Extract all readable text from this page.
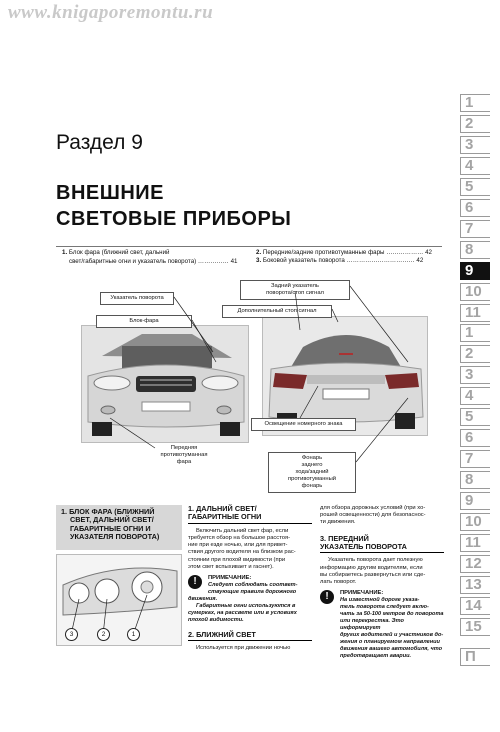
www.knigaporemontu.ru
Раздел 9
ВНЕШНИЕ
СВЕТОВЫЕ ПРИБОРЫ
1. Блок фара (ближний свет, дальний
свет/габаритные огни и указатель поворота) …………… 41
2. Передние/задние противотуманные фары ……………… 42
3. Боковой указатель поворота …………………………… 42
Указатель поворота
Блок-фара
Задний указатель
поворота/стоп сигнал
Дополнительный стоп сигнал
Освещение номерного знака
Передняя
противотуманная
фара
Фонарь
заднего
хода/задний
противотуманный
фонарь
1
2
3
4
5
6
7
8
9
10
11
1
2
3
4
5
6
7
8
9
10
11
12
13
14
15
П
1. БЛОК ФАРА (БЛИЖНИЙ
СВЕТ, ДАЛЬНИЙ СВЕТ/
ГАБАРИТНЫЕ ОГНИ И
УКАЗАТЕЛЯ ПОВОРОТА)
3	2	1
1. ДАЛЬНИЙ СВЕТ/
ГАБАРИТНЫЕ ОГНИ
Включить дальний свет фар, если
требуется обзор на большое расстоя-
ние при езде ночью, или для привет-
ствия другого водителя на близком рас-
стоянии при плохой видимости (при
этом свет вспыхивает и гаснет).
!	ПРИМЕЧАНИЕ:
Следует соблюдать соответ-
ствующие правила дорожного
движения.
Габаритные огни используются в
сумерках, на рассвете или в условиях
плохой видимости.
2. БЛИЖНИЙ СВЕТ
Используется при движении ночью
для обзора дорожных условий (при хо-
рошей освещенности) для безопаснос-
ти движения.
3. ПЕРЕДНИЙ
УКАЗАТЕЛЬ ПОВОРОТА
Указатель поворота дает полезную
информацию другим водителям, если
вы собираетесь развернуться или сде-
лать поворот.
!	ПРИМЕЧАНИЕ:
На известной дороге указа-
тель поворота следует вклю-
чать за 50-100 метров до поворота
или перекрестка. Это информирует
других водителей и участников до-
жения о планируемом направлении
движения вашего автомобиля, что
предотвращает аварии.
